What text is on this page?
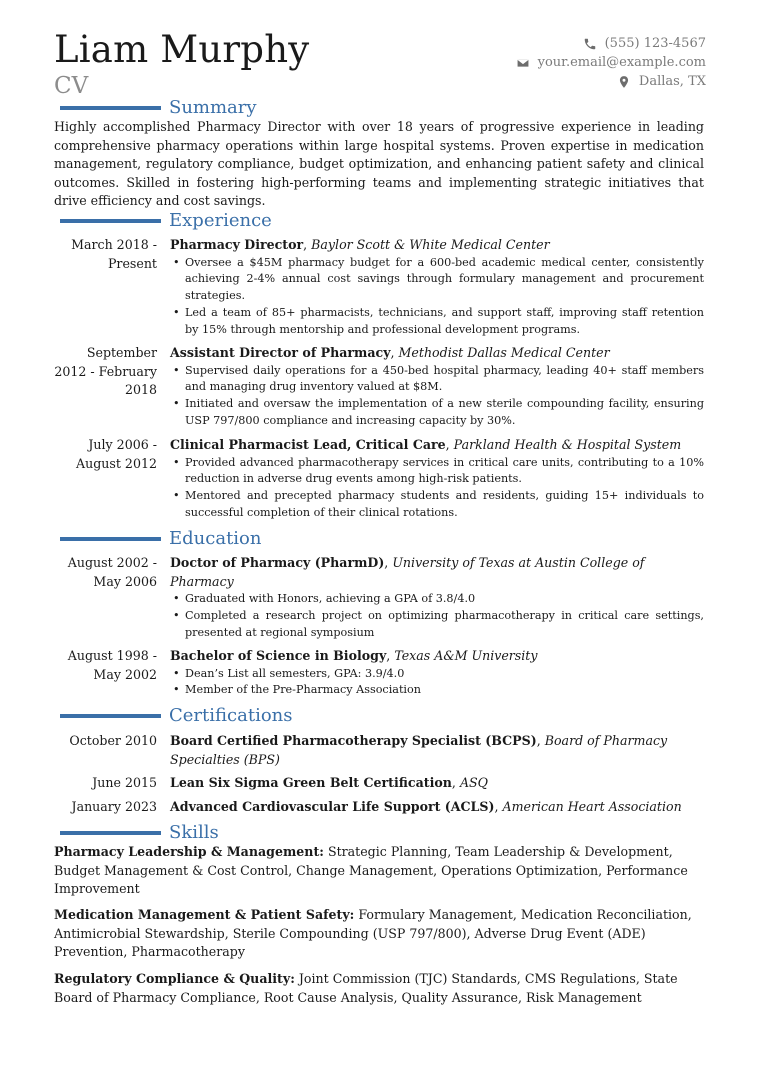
Liam Murphy
CV
(555) 123-4567
your.email@example.com
Dallas, TX
Summary
Highly accomplished Pharmacy Director with over 18 years of progressive experience in leading comprehensive pharmacy operations within large hospital systems. Proven expertise in medication management, regulatory compliance, budget optimization, and enhancing patient safety and clinical outcomes. Skilled in fostering high-performing teams and implementing strategic initiatives that drive efficiency and cost savings.
Experience
March 2018 - Present
Pharmacy Director, Baylor Scott & White Medical Center
• Oversee a $45M pharmacy budget for a 600-bed academic medical center, consistently achieving 2-4% annual cost savings through formulary management and procurement strategies.
• Led a team of 85+ pharmacists, technicians, and support staff, improving staff retention by 15% through mentorship and professional development programs.
September 2012 - February 2018
Assistant Director of Pharmacy, Methodist Dallas Medical Center
• Supervised daily operations for a 450-bed hospital pharmacy, leading 40+ staff members and managing drug inventory valued at $8M.
• Initiated and oversaw the implementation of a new sterile compounding facility, ensuring USP 797/800 compliance and increasing capacity by 30%.
July 2006 - August 2012
Clinical Pharmacist Lead, Critical Care, Parkland Health & Hospital System
• Provided advanced pharmacotherapy services in critical care units, contributing to a 10% reduction in adverse drug events among high-risk patients.
• Mentored and precepted pharmacy students and residents, guiding 15+ individuals to successful completion of their clinical rotations.
Education
August 2002 - May 2006
Doctor of Pharmacy (PharmD), University of Texas at Austin College of Pharmacy
• Graduated with Honors, achieving a GPA of 3.8/4.0
• Completed a research project on optimizing pharmacotherapy in critical care settings, presented at regional symposium
August 1998 - May 2002
Bachelor of Science in Biology, Texas A&M University
• Dean’s List all semesters, GPA: 3.9/4.0
• Member of the Pre-Pharmacy Association
Certifications
October 2010 Board Certified Pharmacotherapy Specialist (BCPS), Board of Pharmacy Specialties (BPS)
June 2015 Lean Six Sigma Green Belt Certification, ASQ
January 2023 Advanced Cardiovascular Life Support (ACLS), American Heart Association
Skills
Pharmacy Leadership & Management: Strategic Planning, Team Leadership & Development, Budget Management & Cost Control, Change Management, Operations Optimization, Performance Improvement
Medication Management & Patient Safety: Formulary Management, Medication Reconciliation, Antimicrobial Stewardship, Sterile Compounding (USP 797/800), Adverse Drug Event (ADE) Prevention, Pharmacotherapy
Regulatory Compliance & Quality: Joint Commission (TJC) Standards, CMS Regulations, State Board of Pharmacy Compliance, Root Cause Analysis, Quality Assurance, Risk Management
